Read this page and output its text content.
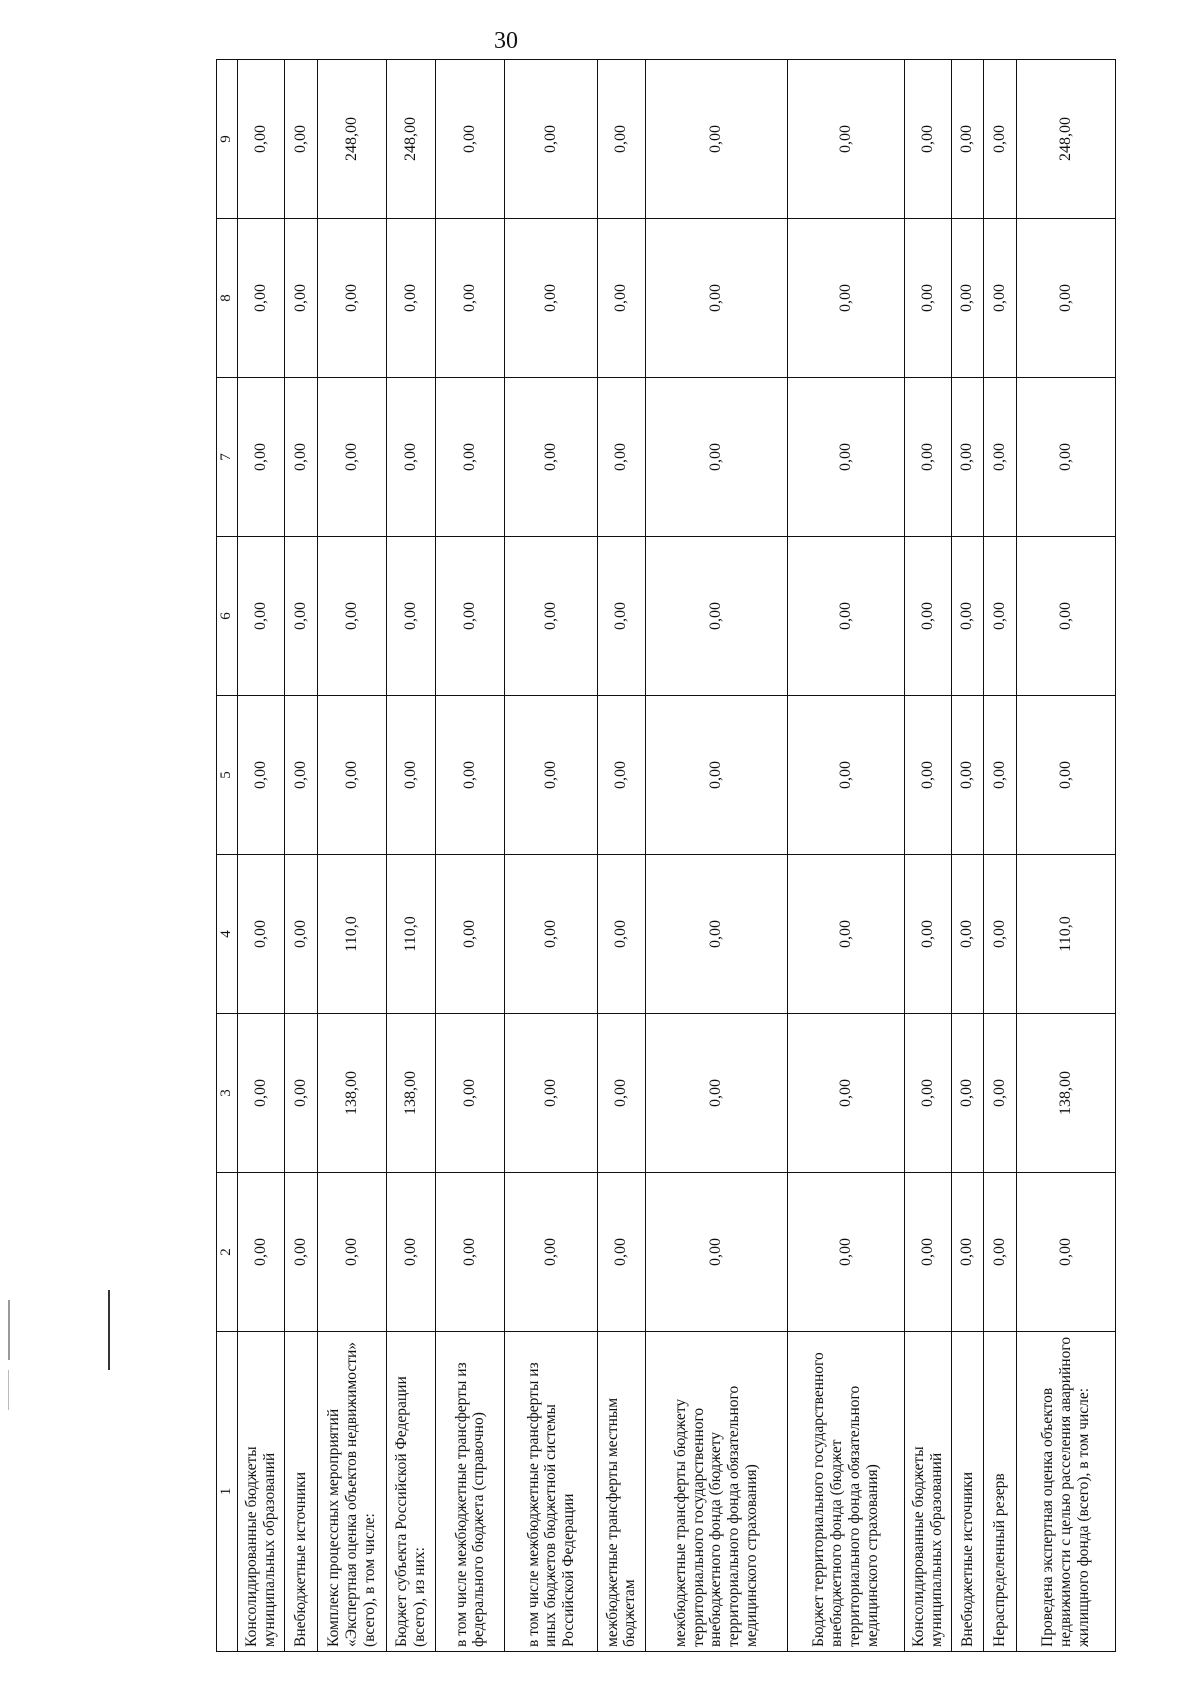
30
1	2	3	4	5	6	7	8	9
Консолидированные бюджеты муниципальных образований	0,00	0,00	0,00	0,00	0,00	0,00	0,00	0,00
Внебюджетные источники	0,00	0,00	0,00	0,00	0,00	0,00	0,00	0,00
Комплекс процессных мероприятий «Экспертная оценка объектов недвижимости» (всего), в том числе:	0,00	138,00	110,0	0,00	0,00	0,00	0,00	248,00
Бюджет субъекта Российской Федерации (всего), из них:	0,00	138,00	110,0	0,00	0,00	0,00	0,00	248,00
в том числе межбюджетные трансферты из федерального бюджета (справочно)	0,00	0,00	0,00	0,00	0,00	0,00	0,00	0,00
в том числе межбюджетные трансферты из иных бюджетов бюджетной системы Российской Федерации	0,00	0,00	0,00	0,00	0,00	0,00	0,00	0,00
межбюджетные трансферты местным бюджетам	0,00	0,00	0,00	0,00	0,00	0,00	0,00	0,00
межбюджетные трансферты бюджету территориального государственного внебюджетного фонда (бюджету территориального фонда обязательного медицинского страхования)	0,00	0,00	0,00	0,00	0,00	0,00	0,00	0,00
Бюджет территориального государственного внебюджетного фонда (бюджет территориального фонда обязательного медицинского страхования)	0,00	0,00	0,00	0,00	0,00	0,00	0,00	0,00
Консолидированные бюджеты муниципальных образований	0,00	0,00	0,00	0,00	0,00	0,00	0,00	0,00
Внебюджетные источники	0,00	0,00	0,00	0,00	0,00	0,00	0,00	0,00
Нераспределенный резерв	0,00	0,00	0,00	0,00	0,00	0,00	0,00	0,00
Проведена экспертная оценка объектов недвижимости с целью расселения аварийного жилищного фонда (всего), в том числе:	0,00	138,00	110,0	0,00	0,00	0,00	0,00	248,00
